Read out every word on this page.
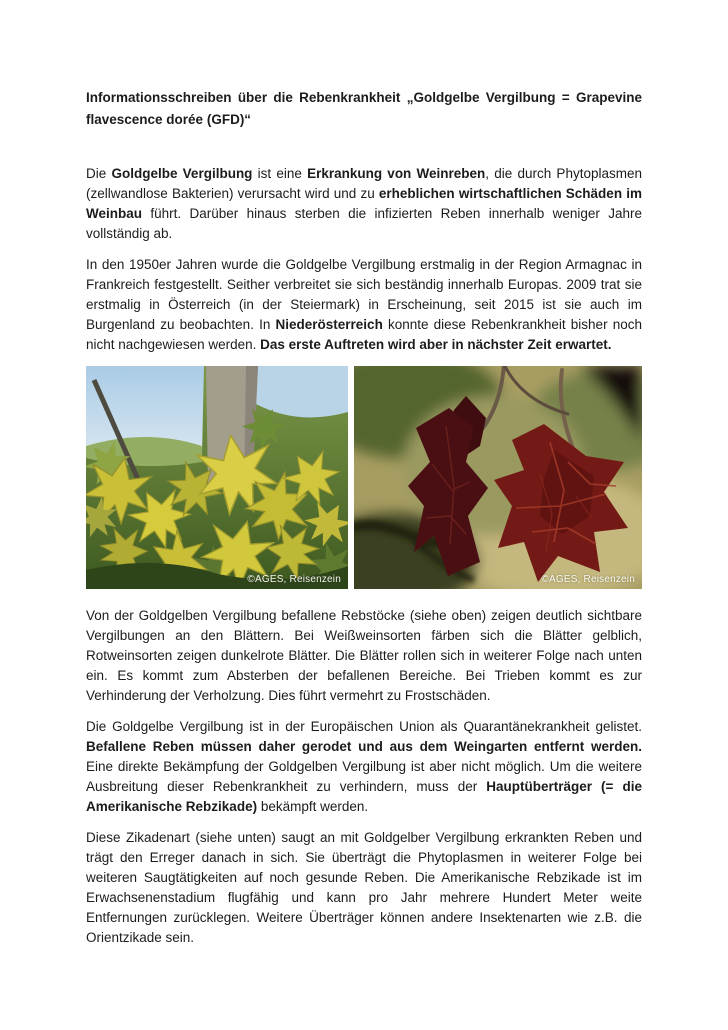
Informationsschreiben über die Rebenkrankheit „Goldgelbe Vergilbung = Grapevine flavescence dorée (GFD)“

Die Goldgelbe Vergilbung ist eine Erkrankung von Weinreben, die durch Phytoplasmen (zellwandlose Bakterien) verursacht wird und zu erheblichen wirtschaftlichen Schäden im Weinbau führt. Darüber hinaus sterben die infizierten Reben innerhalb weniger Jahre vollständig ab.

In den 1950er Jahren wurde die Goldgelbe Vergilbung erstmalig in der Region Armagnac in Frankreich festgestellt. Seither verbreitet sie sich beständig innerhalb Europas. 2009 trat sie erstmalig in Österreich (in der Steiermark) in Erscheinung, seit 2015 ist sie auch im Burgenland zu beobachten. In Niederösterreich konnte diese Rebenkrankheit bisher noch nicht nachgewiesen werden. Das erste Auftreten wird aber in nächster Zeit erwartet.

©AGES, Reisenzein	©AGES, Reisenzein

Von der Goldgelben Vergilbung befallene Rebstöcke (siehe oben) zeigen deutlich sichtbare Vergilbungen an den Blättern. Bei Weißweinsorten färben sich die Blätter gelblich, Rotweinsorten zeigen dunkelrote Blätter. Die Blätter rollen sich in weiterer Folge nach unten ein. Es kommt zum Absterben der befallenen Bereiche. Bei Trieben kommt es zur Verhinderung der Verholzung. Dies führt vermehrt zu Frostschäden.

Die Goldgelbe Vergilbung ist in der Europäischen Union als Quarantänekrankheit gelistet. Befallene Reben müssen daher gerodet und aus dem Weingarten entfernt werden. Eine direkte Bekämpfung der Goldgelben Vergilbung ist aber nicht möglich. Um die weitere Ausbreitung dieser Rebenkrankheit zu verhindern, muss der Hauptüberträger (= die Amerikanische Rebzikade) bekämpft werden.

Diese Zikadenart (siehe unten) saugt an mit Goldgelber Vergilbung erkrankten Reben und trägt den Erreger danach in sich. Sie überträgt die Phytoplasmen in weiterer Folge bei weiteren Saugtätigkeiten auf noch gesunde Reben. Die Amerikanische Rebzikade ist im Erwachsenenstadium flugfähig und kann pro Jahr mehrere Hundert Meter weite Entfernungen zurücklegen. Weitere Überträger können andere Insektenarten wie z.B. die Orientzikade sein.
